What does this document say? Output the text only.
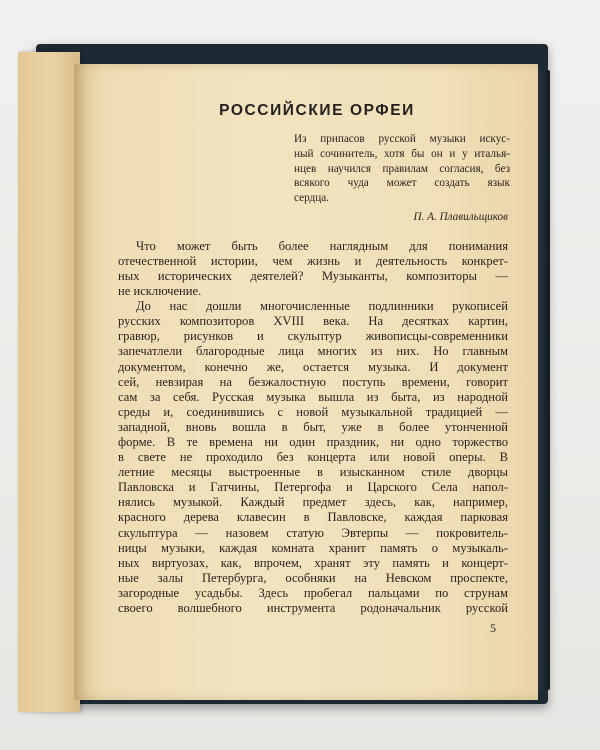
РОССИЙСКИЕ ОРФЕИ
Из припасов русской музыки искус-
ный сочинитель, хотя бы он и у италья-
нцев научился правилам согласия, без
всякого чуда может создать язык
сердца.
П. А. Плавильщиков
Что может быть более наглядным для понимания
отечественной истории, чем жизнь и деятельность конкрет-
ных исторических деятелей? Музыканты, композиторы —
не исключение.
До нас дошли многочисленные подлинники рукописей
русских композиторов XVIII века. На десятках картин,
гравюр, рисунков и скульптур живописцы-современники
запечатлели благородные лица многих из них. Но главным
документом, конечно же, остается музыка. И документ
сей, невзирая на безжалостную поступь времени, говорит
сам за себя. Русская музыка вышла из быта, из народной
среды и, соединившись с новой музыкальной традицией —
западной, вновь вошла в быт, уже в более утонченной
форме. В те времена ни один праздник, ни одно торжество
в свете не проходило без концерта или новой оперы. В
летние месяцы выстроенные в изысканном стиле дворцы
Павловска и Гатчины, Петергофа и Царского Села напол-
нялись музыкой. Каждый предмет здесь, как, например,
красного дерева клавесин в Павловске, каждая парковая
скульптура — назовем статую Эвтерпы — покровитель-
ницы музыки, каждая комната хранит память о музыкаль-
ных виртуозах, как, впрочем, хранят эту память и концерт-
ные залы Петербурга, особняки на Невском проспекте,
загородные усадьбы. Здесь пробегал пальцами по струнам
своего волшебного инструмента родоначальник русской
5
